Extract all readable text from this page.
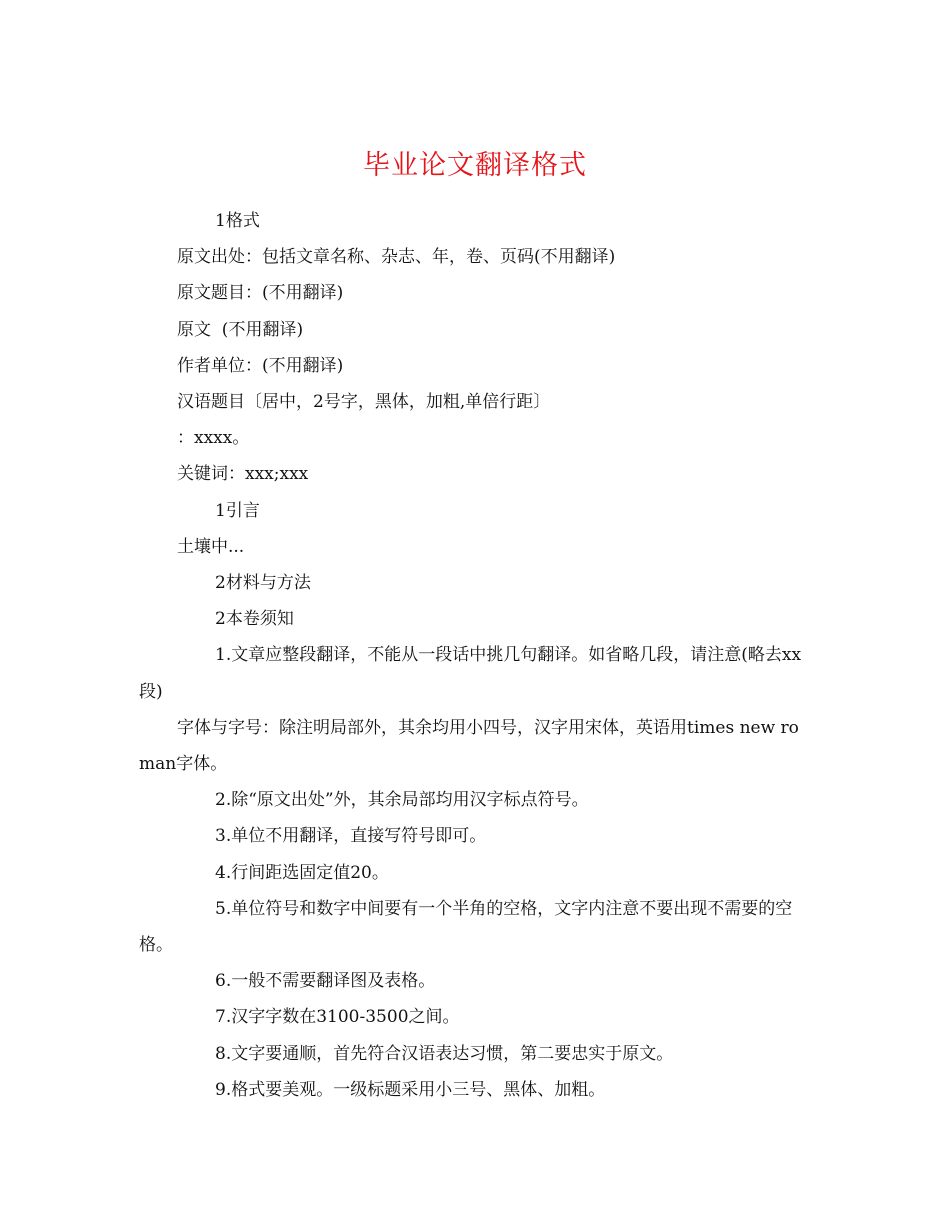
毕业论文翻译格式

1格式

原文出处：包括文章名称、杂志、年，卷、页码(不用翻译)

原文题目：(不用翻译)

原文  (不用翻译)

作者单位：(不用翻译)

汉语题目〔居中，2号字，黑体，加粗,单倍行距〕

：xxxx。

关键词：xxx;xxx

1引言

土壤中...

2材料与方法

2本卷须知

1.文章应整段翻译，不能从一段话中挑几句翻译。如省略几段，请注意(略去xx段)

字体与字号：除注明局部外，其余均用小四号，汉字用宋体，英语用times new roman字体。

2.除“原文出处”外，其余局部均用汉字标点符号。

3.单位不用翻译，直接写符号即可。

4.行间距选固定值20。

5.单位符号和数字中间要有一个半角的空格，文字内注意不要出现不需要的空格。

6.一般不需要翻译图及表格。

7.汉字字数在3100-3500之间。

8.文字要通顺，首先符合汉语表达习惯，第二要忠实于原文。

9.格式要美观。一级标题采用小三号、黑体、加粗。
